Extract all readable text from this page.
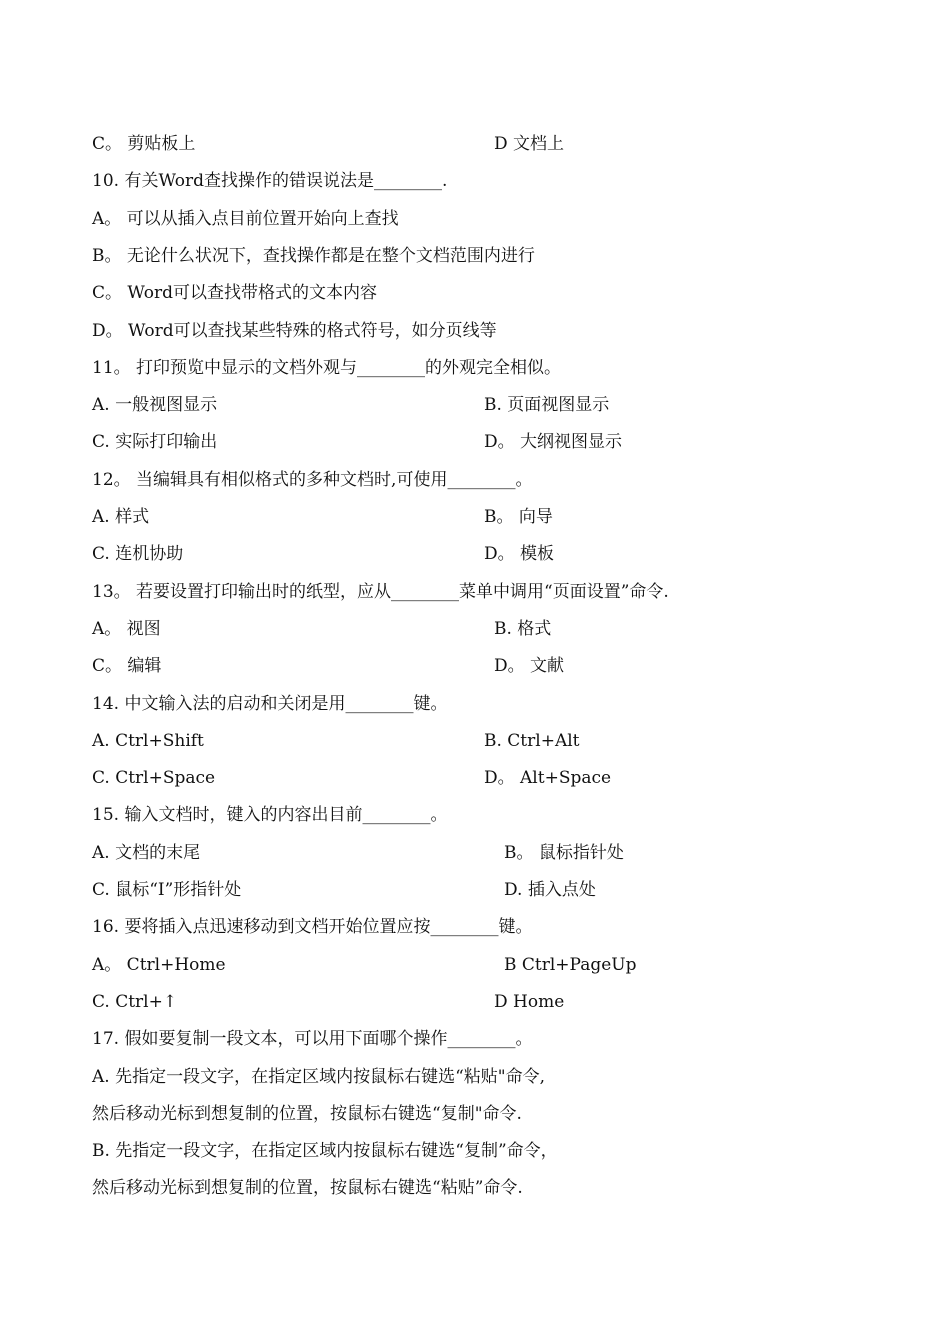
C。 剪贴板上	D 文档上
10. 有关Word查找操作的错误说法是________.
A。 可以从插入点目前位置开始向上查找
B。 无论什么状况下，查找操作都是在整个文档范围内进行
C。 Word可以查找带格式的文本内容
D。 Word可以查找某些特殊的格式符号，如分页线等
11。 打印预览中显示的文档外观与________的外观完全相似。
A. 一般视图显示	B. 页面视图显示
C. 实际打印输出	D。 大纲视图显示
12。 当编辑具有相似格式的多种文档时,可使用________。
A. 样式	B。 向导
C. 连机协助	D。 模板
13。 若要设置打印输出时的纸型，应从________菜单中调用“页面设置”命令.
A。 视图	B. 格式
C。 编辑	D。 文献
14. 中文输入法的启动和关闭是用________键。
A. Ctrl+Shift	B. Ctrl+Alt
C. Ctrl+Space	D。 Alt+Space
15. 输入文档时，键入的内容出目前________。
A. 文档的末尾	B。 鼠标指针处
C. 鼠标“I”形指针处	D. 插入点处
16. 要将插入点迅速移动到文档开始位置应按________键。
A。 Ctrl+Home	B Ctrl+PageUp
C. Ctrl+↑	D Home
17. 假如要复制一段文本，可以用下面哪个操作________。
A. 先指定一段文字，在指定区域内按鼠标右键选“粘贴"命令,
然后移动光标到想复制的位置，按鼠标右键选“复制"命令.
B. 先指定一段文字，在指定区域内按鼠标右键选“复制”命令，
然后移动光标到想复制的位置，按鼠标右键选“粘贴”命令.
